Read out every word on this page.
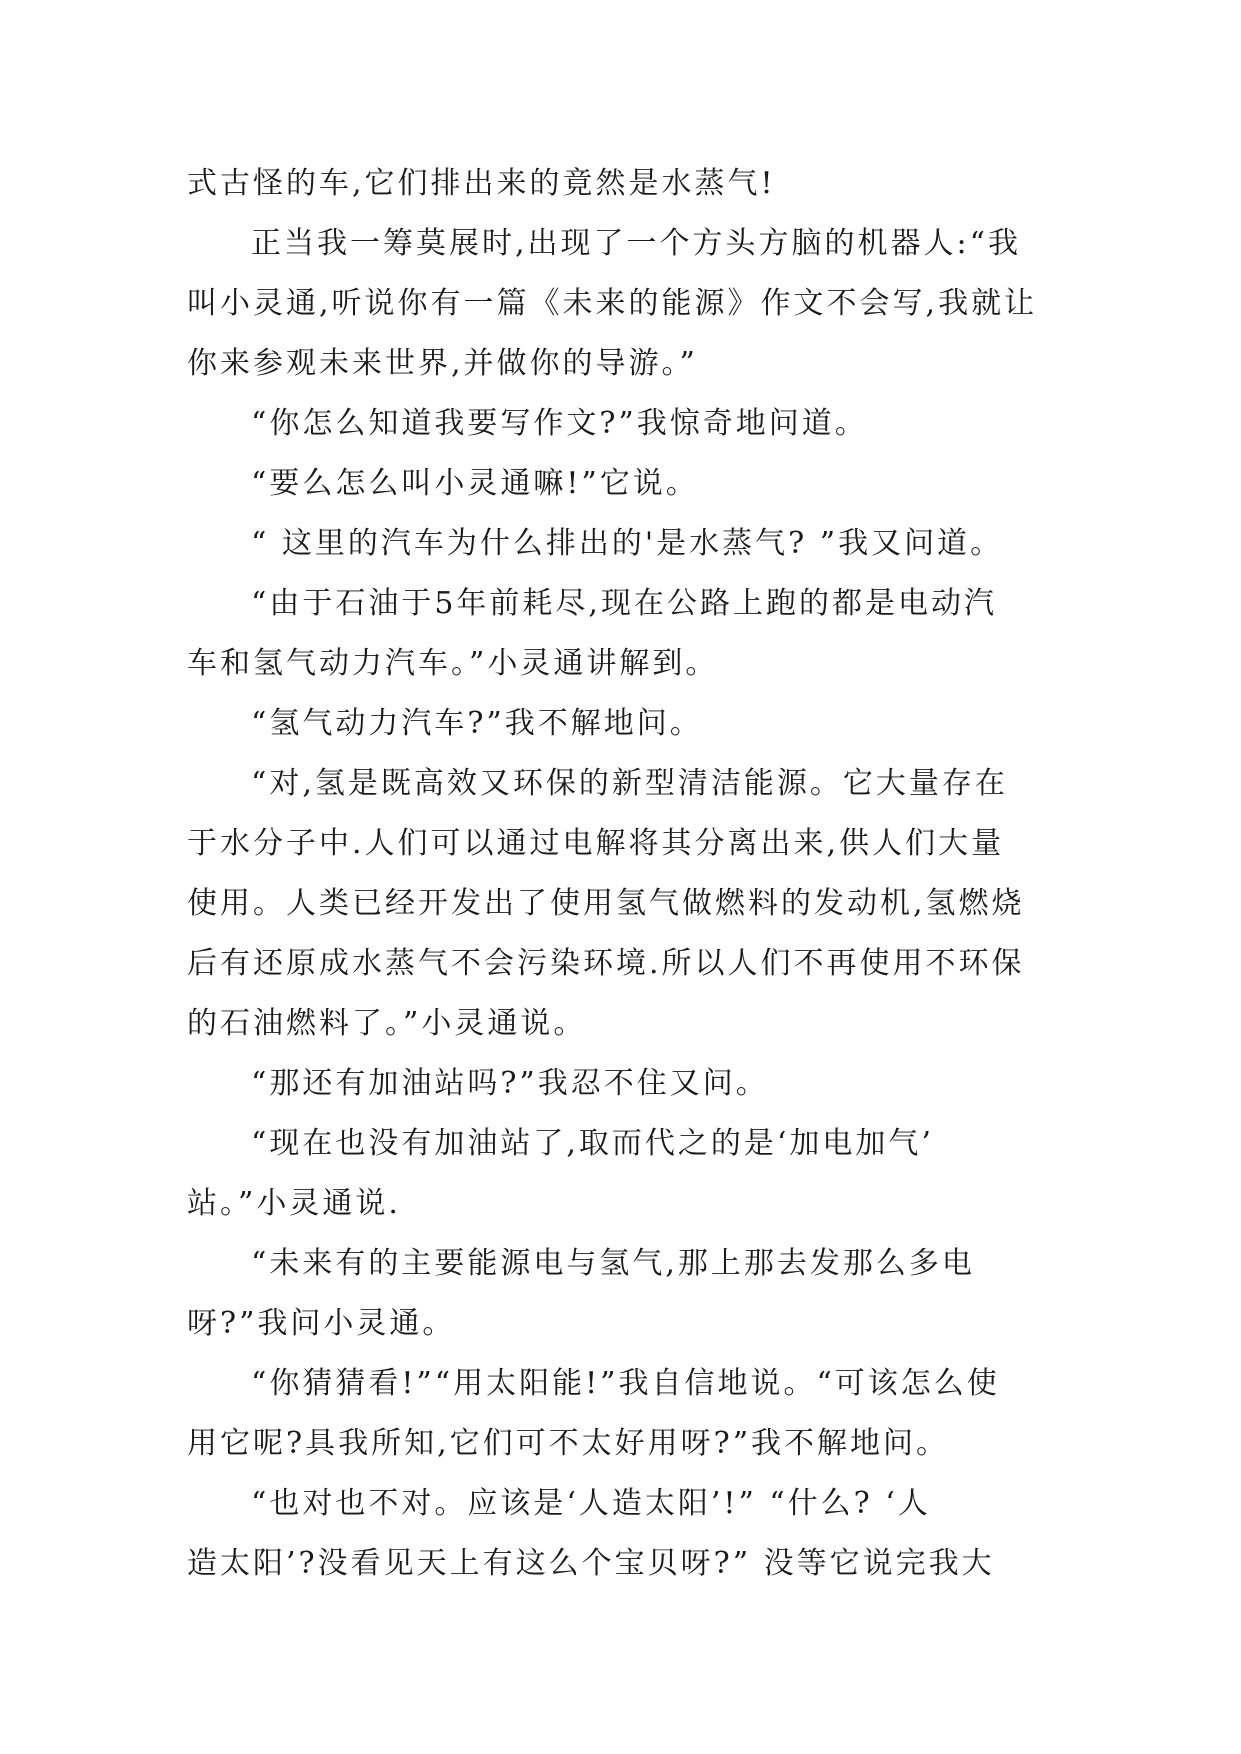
式古怪的车,它们排出来的竟然是水蒸气!
正当我一筹莫展时,出现了一个方头方脑的机器人:“我
叫小灵通,听说你有一篇《未来的能源》作文不会写,我就让
你来参观未来世界,并做你的导游。”
“你怎么知道我要写作文?”我惊奇地问道。
“要么怎么叫小灵通嘛!”它说。
“ 这里的汽车为什么排出的'是水蒸气? ”我又问道。
“由于石油于5年前耗尽,现在公路上跑的都是电动汽
车和氢气动力汽车。”小灵通讲解到。
“氢气动力汽车?”我不解地问。
“对,氢是既高效又环保的新型清洁能源。它大量存在
于水分子中.人们可以通过电解将其分离出来,供人们大量
使用。人类已经开发出了使用氢气做燃料的发动机,氢燃烧
后有还原成水蒸气不会污染环境.所以人们不再使用不环保
的石油燃料了。”小灵通说。
“那还有加油站吗?”我忍不住又问。
“现在也没有加油站了,取而代之的是‘加电加气’
站。”小灵通说.
“未来有的主要能源电与氢气,那上那去发那么多电
呀?”我问小灵通。
“你猜猜看!”“用太阳能!”我自信地说。“可该怎么使
用它呢?具我所知,它们可不太好用呀?”我不解地问。
“也对也不对。应该是‘人造太阳’!” “什么? ‘人
造太阳’?没看见天上有这么个宝贝呀?” 没等它说完我大
